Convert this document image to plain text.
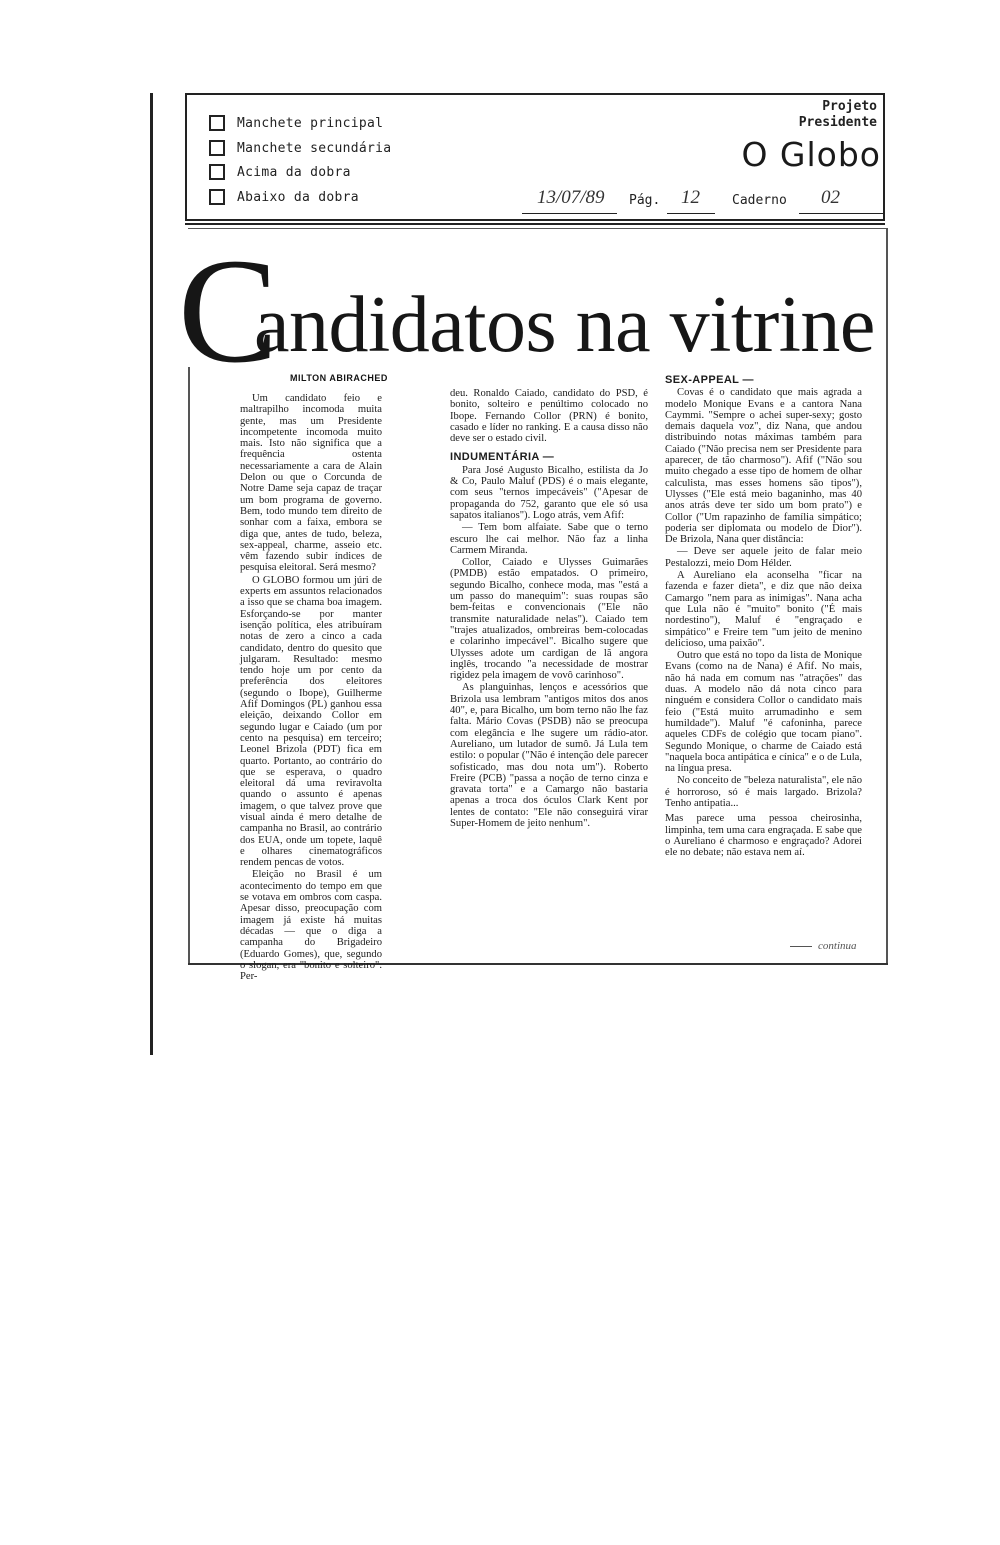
Manchete principal
Manchete secundária
Acima da dobra
Abaixo da dobra
Projeto
Presidente
O Globo
13/07/89 Pág. 12 Caderno 02
C
andidatos na vitrine
MILTON ABIRACHED

Um candidato feio e maltrapilho incomoda muita gente, mas um Presidente incompetente incomoda muito mais. Isto não significa que a frequência ostenta necessariamente a cara de Alain Delon ou que o Corcunda de Notre Dame seja capaz de traçar um bom programa de governo. Bem, todo mundo tem direito de sonhar com a faixa, embora se diga que, antes de tudo, beleza, sex-appeal, charme, asseio etc. vêm fazendo subir índices de pesquisa eleitoral. Será mesmo?

O GLOBO formou um júri de experts em assuntos relacionados a isso que se chama boa imagem. Esforçando-se por manter isenção política, eles atribuíram notas de zero a cinco a cada candidato, dentro do quesito que julgaram. Resultado: mesmo tendo hoje um por cento da preferência dos eleitores (segundo o Ibope), Guilherme Afif Domingos (PL) ganhou essa eleição, deixando Collor em segundo lugar e Caiado (um por cento na pesquisa) em terceiro; Leonel Brizola (PDT) fica em quarto. Portanto, ao contrário do que se esperava, o quadro eleitoral dá uma reviravolta quando o assunto é apenas imagem, o que talvez prove que visual ainda é mero detalhe de campanha no Brasil, ao contrário dos EUA, onde um topete, laquê e olhares cinematográficos rendem pencas de votos.

Eleição no Brasil é um acontecimento do tempo em que se votava em ombros com caspa. Apesar disso, preocupação com imagem já existe há muitas décadas — que o diga a campanha do Brigadeiro (Eduardo Gomes), que, segundo o slogan, era "bonito e solteiro". Per-

deu. Ronaldo Caiado, candidato do PSD, é bonito, solteiro e penúltimo colocado no Ibope. Fernando Collor (PRN) é bonito, casado e líder no ranking. E a causa disso não deve ser o estado civil.

INDUMENTÁRIA —

Para José Augusto Bicalho, estilista da Jo & Co, Paulo Maluf (PDS) é o mais elegante, com seus "ternos impecáveis" ("Apesar de propaganda do 752, garanto que ele só usa sapatos italianos"). Logo atrás, vem Afif:

— Tem bom alfaiate. Sabe que o terno escuro lhe cai melhor. Não faz a linha Carmem Miranda.

Collor, Caiado e Ulysses Guimarães (PMDB) estão empatados. O primeiro, segundo Bicalho, conhece moda, mas "está a um passo do manequim": suas roupas são bem-feitas e convencionais ("Ele não transmite naturalidade nelas"). Caiado tem "trajes atualizados, ombreiras bem-colocadas e colarinho impecável". Bicalho sugere que Ulysses adote um cardigan de lã angora inglês, trocando "a necessidade de mostrar rigidez pela imagem de vovô carinhoso".

As planguinhas, lenços e acessórios que Brizola usa lembram "antigos mitos dos anos 40", e, para Bicalho, um bom terno não lhe faz falta. Mário Covas (PSDB) não se preocupa com elegância e lhe sugere um rádio-ator. Aureliano, um lutador de sumô. Já Lula tem estilo: o popular ("Não é intenção dele parecer sofisticado, mas dou nota um"). Roberto Freire (PCB) "passa a noção de terno cinza e gravata torta" e a Camargo não bastaria apenas a troca dos óculos Clark Kent por lentes de contato: "Ele não conseguirá virar Super-Homem de jeito nenhum".

SEX-APPEAL —

Covas é o candidato que mais agrada a modelo Monique Evans e a cantora Nana Caymmi. "Sempre o achei super-sexy; gosto demais daquela voz", diz Nana, que andou distribuindo notas máximas também para Caiado ("Não precisa nem ser Presidente para aparecer, de tão charmoso"). Afif ("Não sou muito chegado a esse tipo de homem de olhar calculista, mas esses homens são tipos"), Ulysses ("Ele está meio baganinho, mas 40 anos atrás deve ter sido um bom prato") e Collor ("Um rapazinho de família simpático; poderia ser diplomata ou modelo de Dior"). De Brizola, Nana quer distância:

— Deve ser aquele jeito de falar meio Pestalozzi, meio Dom Hélder.

A Aureliano ela aconselha "ficar na fazenda e fazer dieta", e diz que não deixa Camargo "nem para as inimigas". Nana acha que Lula não é "muito" bonito ("É mais nordestino"), Maluf é "engraçado e simpático" e Freire tem "um jeito de menino delicioso, uma paixão".

Outro que está no topo da lista de Monique Evans (como na de Nana) é Afif. No mais, não há nada em comum nas "atrações" das duas. A modelo não dá nota cinco para ninguém e considera Collor o candidato mais feio ("Está muito arrumadinho e sem humildade"). Maluf "é cafoninha, parece aqueles CDFs de colégio que tocam piano". Segundo Monique, o charme de Caiado está "naquela boca antipática e cínica" e o de Lula, na língua presa.

No conceito de "beleza naturalista", ele não é horroroso, só é mais largado. Brizola? Tenho antipatia...

Mas parece uma pessoa cheirosinha, limpinha, tem uma cara engraçada. E sabe que o Aureliano é charmoso e engraçado? Adorei ele no debate; não estava nem aí.

continua
